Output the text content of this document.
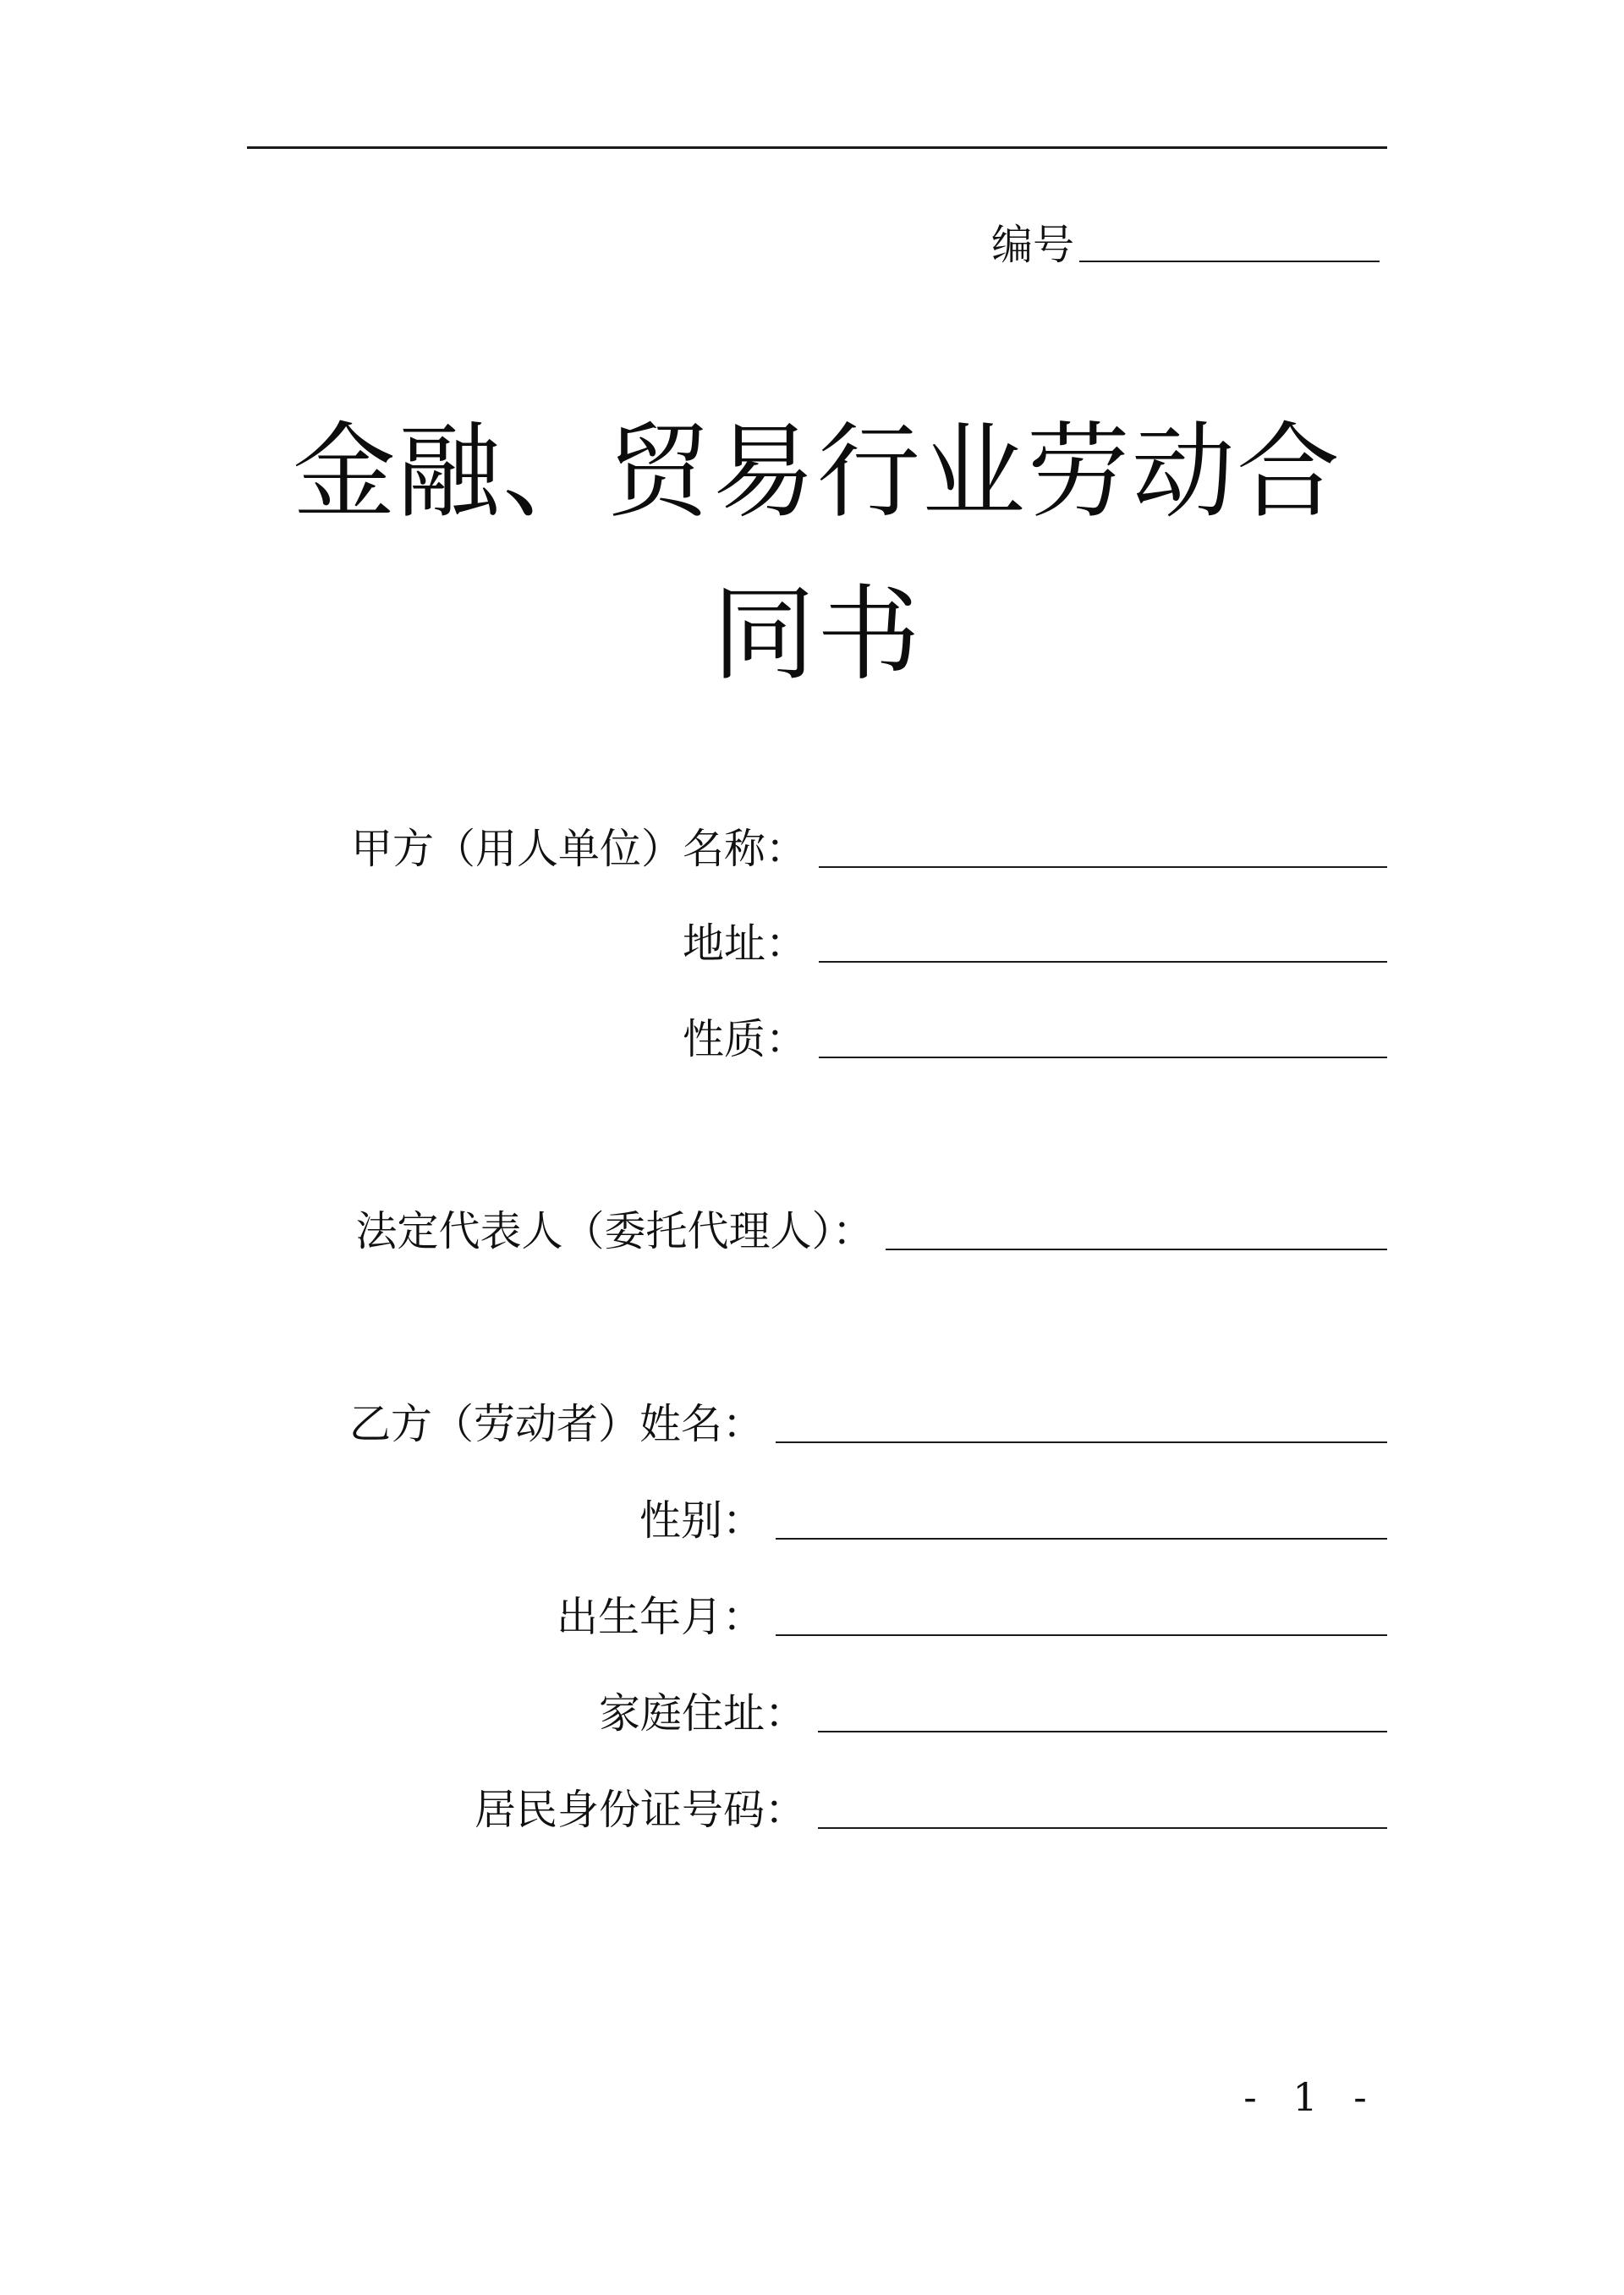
编号
金融、贸易行业劳动合同书
甲方（用人单位）名称：
地址：
性质：
法定代表人（委托代理人）：
乙方（劳动者）姓名：
性别：
出生年月：
家庭住址：
居民身份证号码：
- 1 -
